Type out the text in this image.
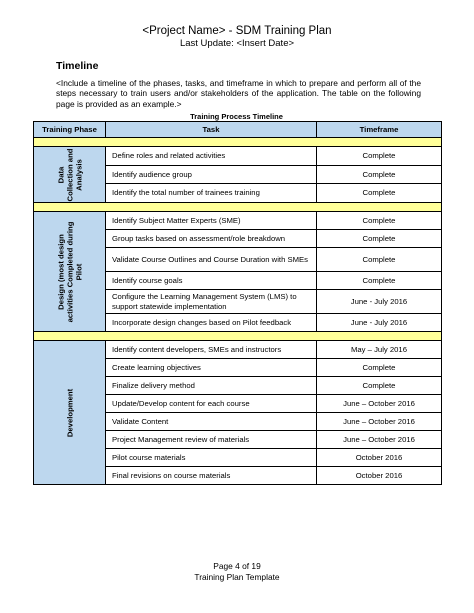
<Project Name> - SDM Training Plan
Last Update: <Insert Date>
Timeline
<Include a timeline of the phases, tasks, and timeframe in which to prepare and perform all of the steps necessary to train users and/or stakeholders of the application. The table on the following page is provided as an example.>
Training Process Timeline
Training Phase	Task	Timeframe

Data Collection and Analysis	Define roles and related activities	Complete
	Identify audience group	Complete
	Identify the total number of trainees training	Complete

Design (most design activities Completed during Pilot	Identify Subject Matter Experts (SME)	Complete
	Group tasks based on assessment/role breakdown	Complete
	Validate Course Outlines and Course Duration with SMEs	Complete
	Identify course goals	Complete
	Configure the Learning Management System (LMS) to support statewide implementation	June - July 2016
	Incorporate design changes based on Pilot feedback	June - July 2016

Development	Identify content developers, SMEs and instructors	May – July 2016
	Create learning objectives	Complete
	Finalize delivery method	Complete
	Update/Develop content for each course	June – October 2016
	Validate Content	June – October 2016
	Project Management review of materials	June – October 2016
	Pilot course materials	October 2016
	Final revisions on course materials	October 2016
Page 4 of 19
Training Plan Template
